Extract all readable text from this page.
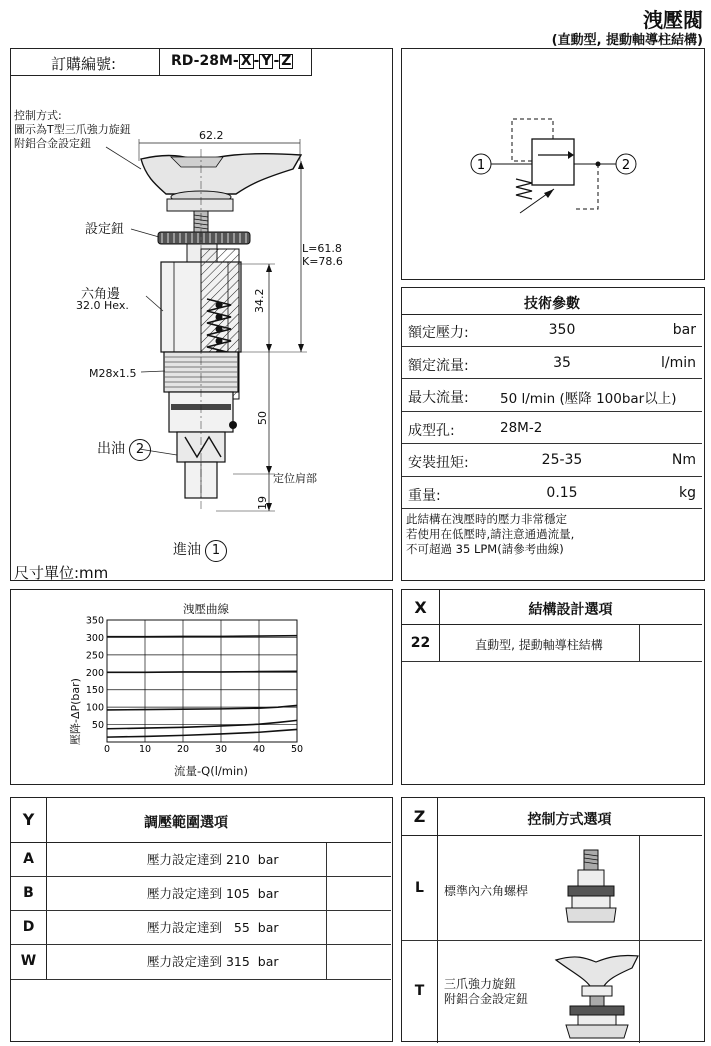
洩壓閥
(直動型, 提動軸導柱結構)
訂購編號:	RD-28M- X - Y - Z
控制方式:
圖示為T型三爪強力旋鈕
附鋁合金設定鈕
62.2
設定鈕
L=61.8
K=78.6
六角邊
32.0 Hex.	34.2
M28x1.5
50
出油 2
定位肩部
19
進油 1
尺寸單位:mm
1	2
技術參數
額定壓力:	350	bar
額定流量:	35	l/min
最大流量: 50 l/min (壓降 100bar以上)
成型孔:	28M-2
安裝扭矩:	25-35	Nm
重量:	0.15	kg
此結構在洩壓時的壓力非常穩定
若使用在低壓時,請注意通過流量,
不可超過 35 LPM(請參考曲線)
洩壓曲線
0	10	20	30	40	50
50
100
150
200
250
300
350
流量-Q(l/min)
壓降-ΔP(bar)
X	結構設計選項
22	直動型, 提動軸導柱結構
Y	調壓範圍選項
A	壓力設定達到 210  bar
B	壓力設定達到 105  bar
D	壓力設定達到   55  bar
W	壓力設定達到 315  bar
Z	控制方式選項
L	標準內六角螺桿
T	三爪強力旋鈕
附鋁合金設定鈕
